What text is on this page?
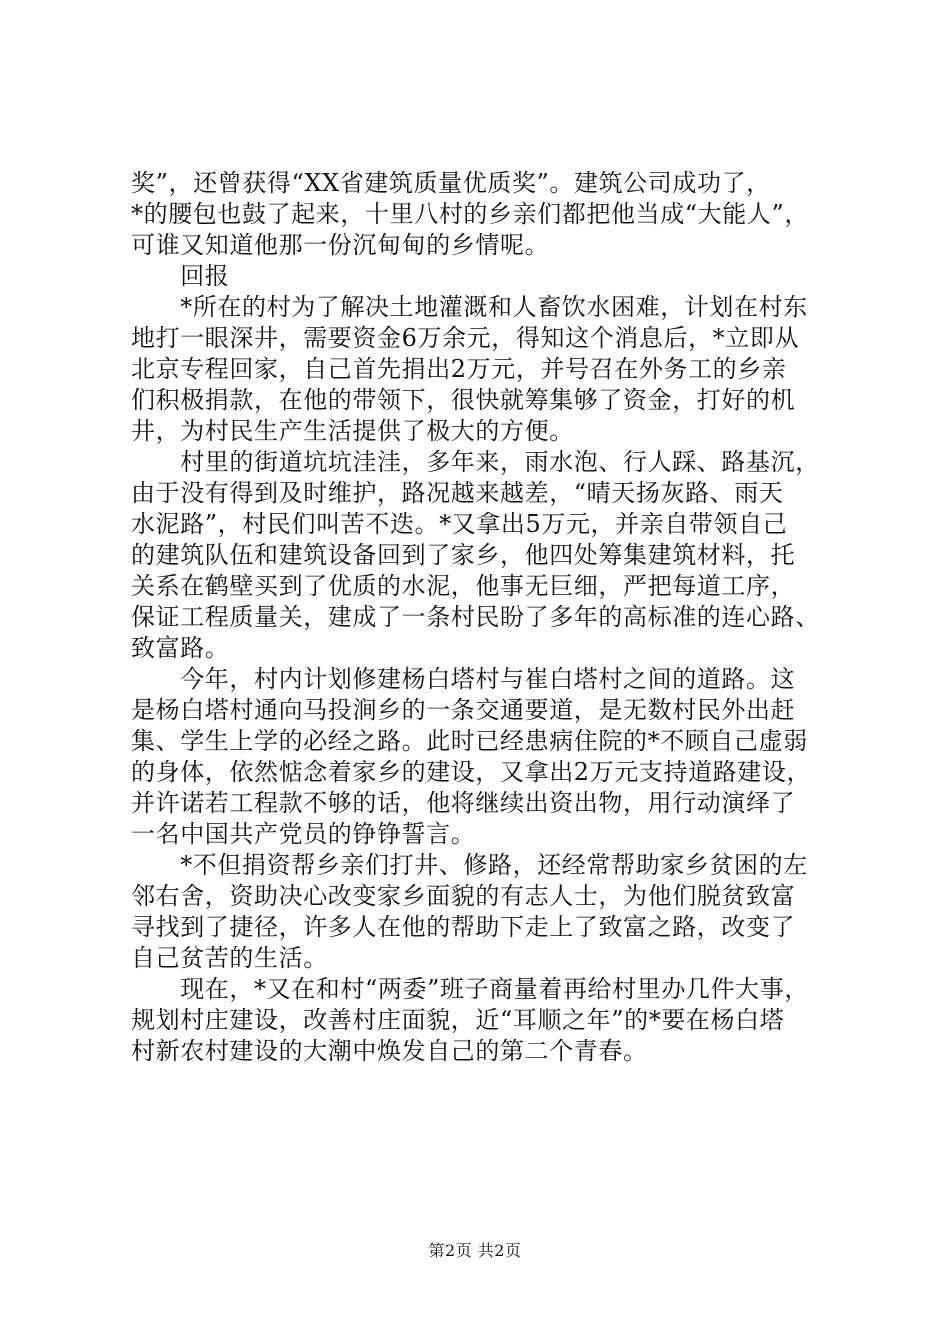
奖”，还曾获得“XX省建筑质量优质奖”。建筑公司成功了，
*的腰包也鼓了起来，十里八村的乡亲们都把他当成“大能人”，
可谁又知道他那一份沉甸甸的乡情呢。

　　回报

　　*所在的村为了解决土地灌溉和人畜饮水困难，计划在村东
地打一眼深井，需要资金6万余元，得知这个消息后，*立即从
北京专程回家，自己首先捐出2万元，并号召在外务工的乡亲
们积极捐款，在他的带领下，很快就筹集够了资金，打好的机
井，为村民生产生活提供了极大的方便。

　　村里的街道坑坑洼洼，多年来，雨水泡、行人踩、路基沉，
由于没有得到及时维护，路况越来越差，“晴天扬灰路、雨天
水泥路”，村民们叫苦不迭。*又拿出5万元，并亲自带领自己
的建筑队伍和建筑设备回到了家乡，他四处筹集建筑材料，托
关系在鹤壁买到了优质的水泥，他事无巨细，严把每道工序，
保证工程质量关，建成了一条村民盼了多年的高标准的连心路、
致富路。

　　今年，村内计划修建杨白塔村与崔白塔村之间的道路。这
是杨白塔村通向马投涧乡的一条交通要道，是无数村民外出赶
集、学生上学的必经之路。此时已经患病住院的*不顾自己虚弱
的身体，依然惦念着家乡的建设，又拿出2万元支持道路建设，
并许诺若工程款不够的话，他将继续出资出物，用行动演绎了
一名中国共产党员的铮铮誓言。

　　*不但捐资帮乡亲们打井、修路，还经常帮助家乡贫困的左
邻右舍，资助决心改变家乡面貌的有志人士，为他们脱贫致富
寻找到了捷径，许多人在他的帮助下走上了致富之路，改变了
自己贫苦的生活。

　　现在，*又在和村“两委”班子商量着再给村里办几件大事，
规划村庄建设，改善村庄面貌，近“耳顺之年”的*要在杨白塔
村新农村建设的大潮中焕发自己的第二个青春。

第2页 共2页
